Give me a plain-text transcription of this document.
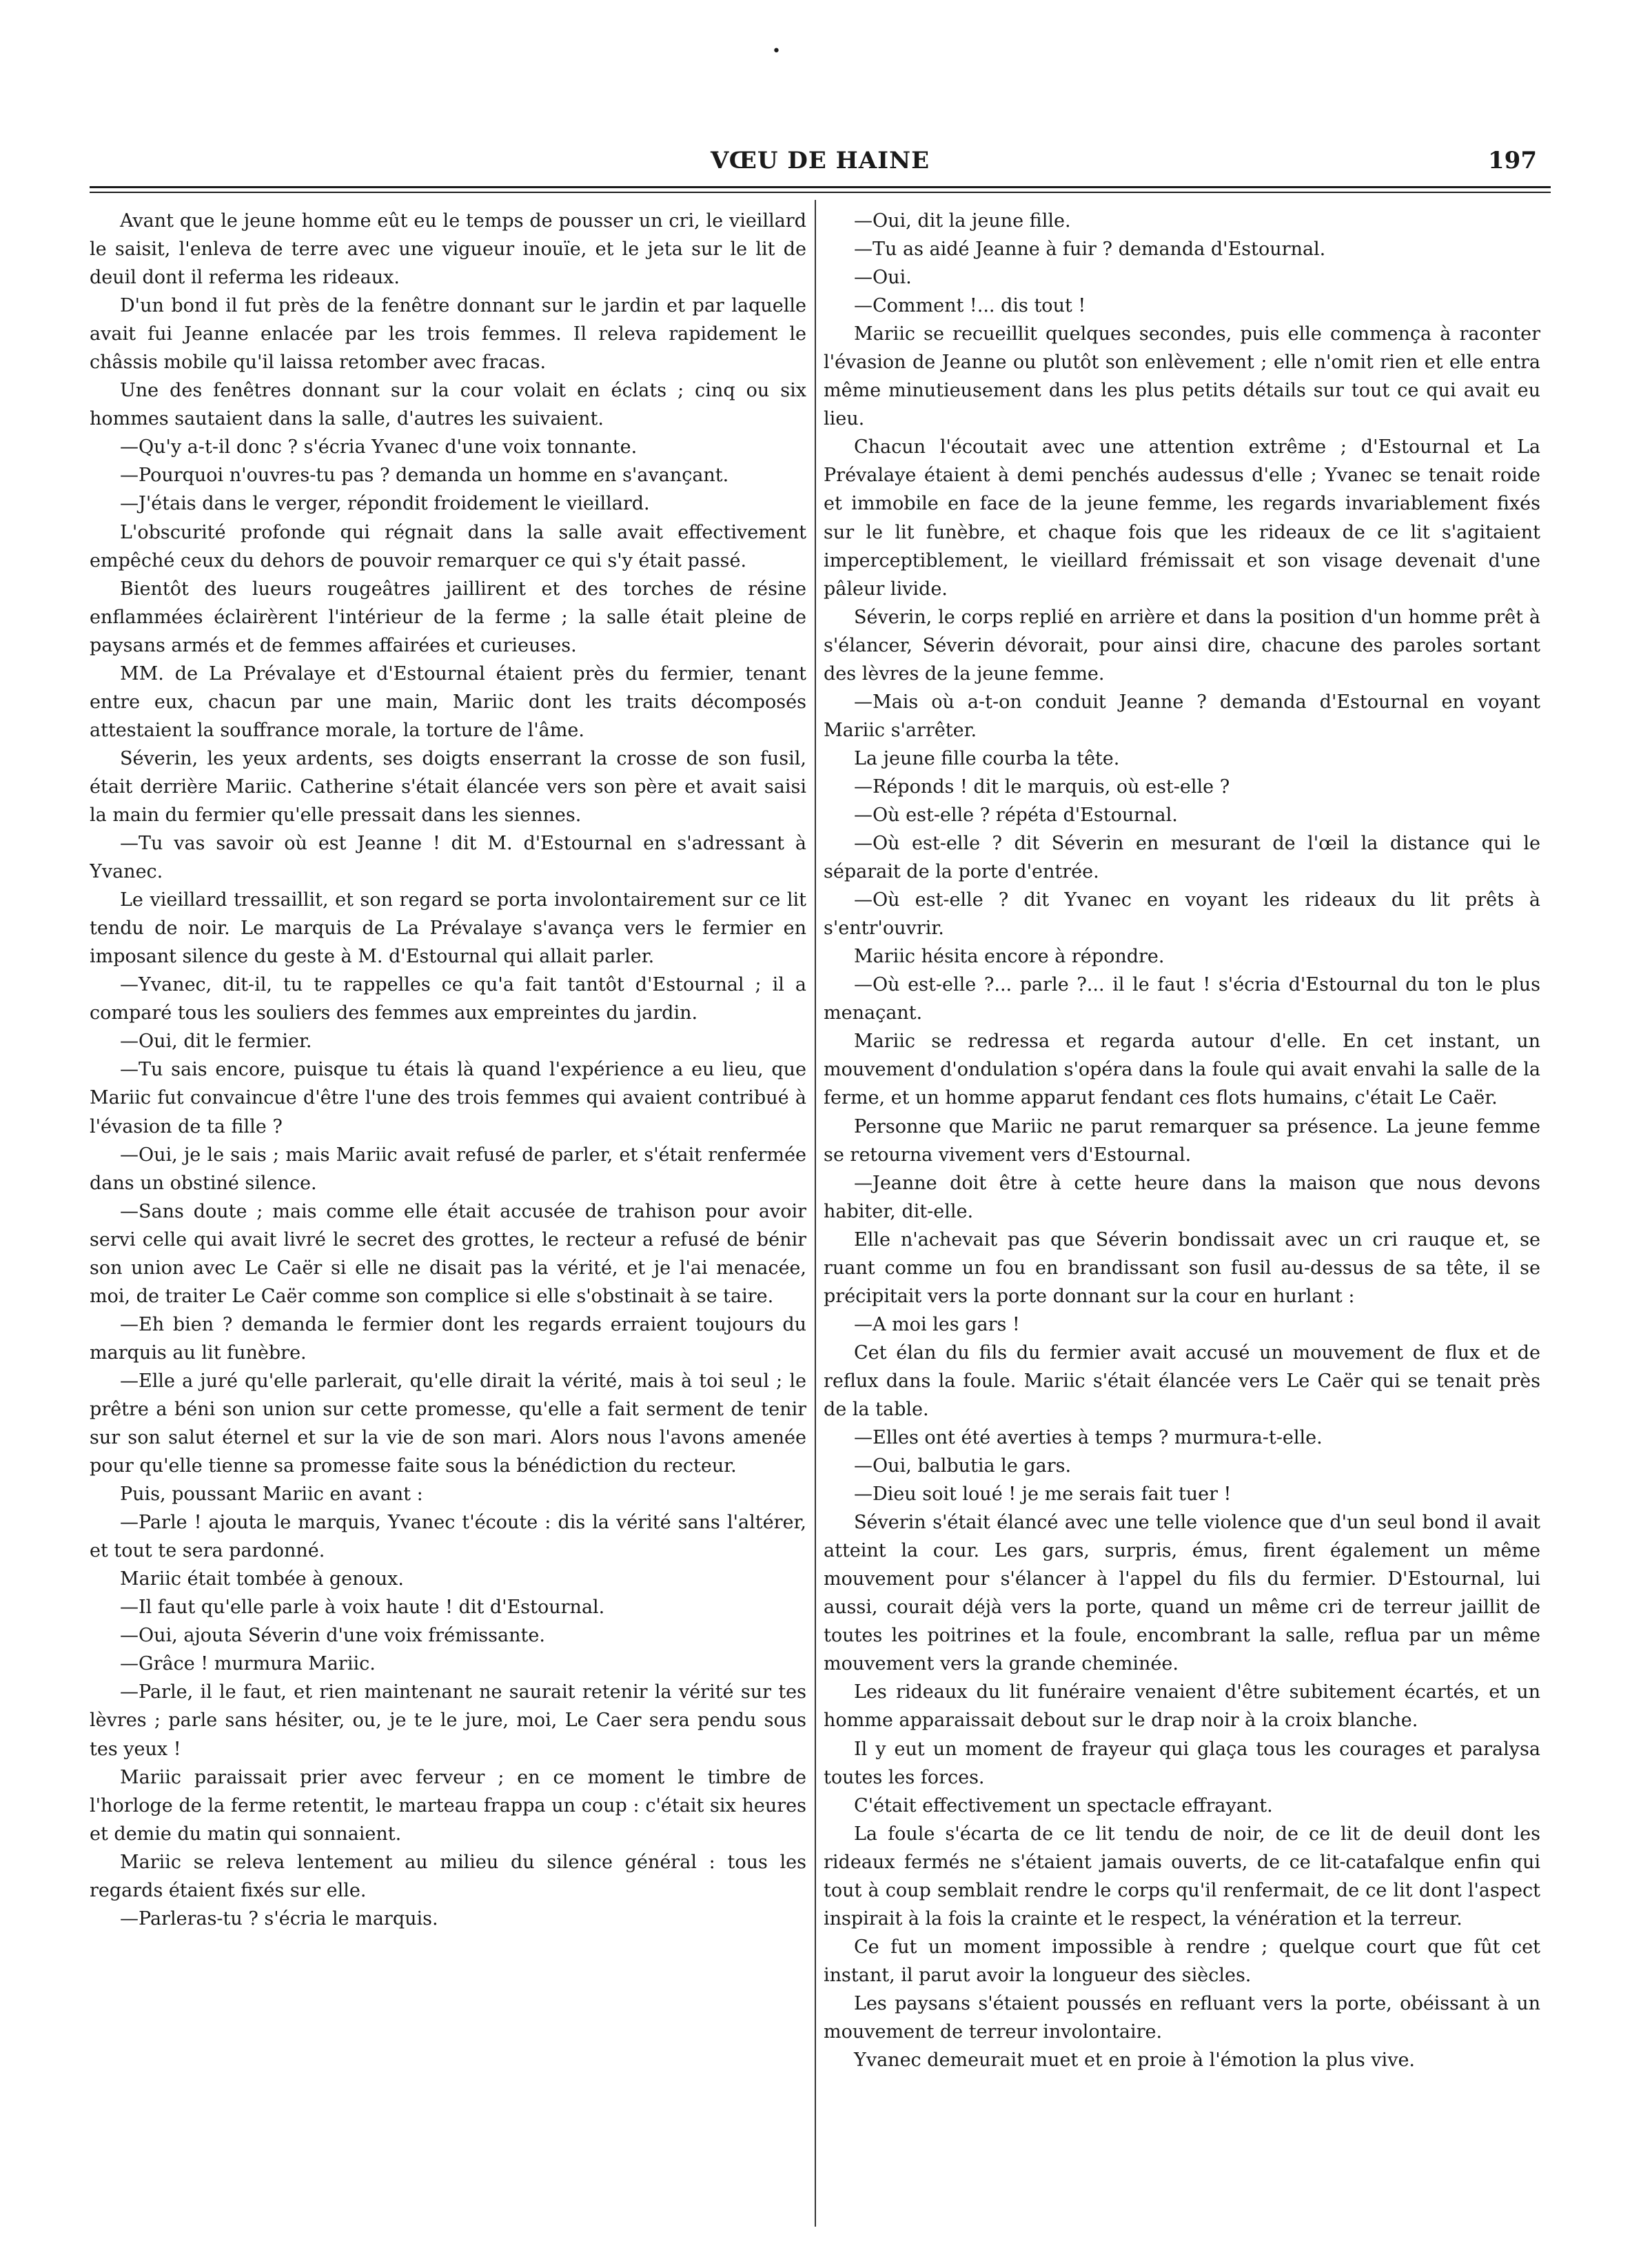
•
VŒU DE HAINE	197

Avant que le jeune homme eût eu le temps de pousser un cri, le vieillard le saisit, l'enleva de terre avec une vigueur inouïe, et le jeta sur le lit de deuil dont il referma les rideaux.

D'un bond il fut près de la fenêtre donnant sur le jardin et par laquelle avait fui Jeanne enlacée par les trois femmes. Il releva rapidement le châssis mobile qu'il laissa retomber avec fracas.

Une des fenêtres donnant sur la cour volait en éclats ; cinq ou six hommes sautaient dans la salle, d'autres les suivaient.

—Qu'y a-t-il donc ? s'écria Yvanec d'une voix tonnante.

—Pourquoi n'ouvres-tu pas ? demanda un homme en s'avançant.

—J'étais dans le verger, répondit froidement le vieillard.

L'obscurité profonde qui régnait dans la salle avait effectivement empêché ceux du dehors de pouvoir remarquer ce qui s'y était passé.

Bientôt des lueurs rougeâtres jaillirent et des torches de résine enflammées éclairèrent l'intérieur de la ferme ; la salle était pleine de paysans armés et de femmes affairées et curieuses.

MM. de La Prévalaye et d'Estournal étaient près du fermier, tenant entre eux, chacun par une main, Mariic dont les traits décomposés attestaient la souffrance morale, la torture de l'âme.

Séverin, les yeux ardents, ses doigts enserrant la crosse de son fusil, était derrière Mariic. Catherine s'était élancée vers son père et avait saisi la main du fermier qu'elle pressait dans les siennes.

—Tu vas savoir où est Jeanne ! dit M. d'Estournal en s'adressant à Yvanec.

Le vieillard tressaillit, et son regard se porta involontairement sur ce lit tendu de noir. Le marquis de La Prévalaye s'avança vers le fermier en imposant silence du geste à M. d'Estournal qui allait parler.

—Yvanec, dit-il, tu te rappelles ce qu'a fait tantôt d'Estournal ; il a comparé tous les souliers des femmes aux empreintes du jardin.

—Oui, dit le fermier.

—Tu sais encore, puisque tu étais là quand l'expérience a eu lieu, que Mariic fut convaincue d'être l'une des trois femmes qui avaient contribué à l'évasion de ta fille ?

—Oui, je le sais ; mais Mariic avait refusé de parler, et s'était renfermée dans un obstiné silence.

—Sans doute ; mais comme elle était accusée de trahison pour avoir servi celle qui avait livré le secret des grottes, le recteur a refusé de bénir son union avec Le Caër si elle ne disait pas la vérité, et je l'ai menacée, moi, de traiter Le Caër comme son complice si elle s'obstinait à se taire.

—Eh bien ? demanda le fermier dont les regards erraient toujours du marquis au lit funèbre.

—Elle a juré qu'elle parlerait, qu'elle dirait la vérité, mais à toi seul ; le prêtre a béni son union sur cette promesse, qu'elle a fait serment de tenir sur son salut éternel et sur la vie de son mari. Alors nous l'avons amenée pour qu'elle tienne sa promesse faite sous la bénédiction du recteur.

Puis, poussant Mariic en avant :

—Parle ! ajouta le marquis, Yvanec t'écoute : dis la vérité sans l'altérer, et tout te sera pardonné.

Mariic était tombée à genoux.

—Il faut qu'elle parle à voix haute ! dit d'Estournal.

—Oui, ajouta Séverin d'une voix frémissante.

—Grâce ! murmura Mariic.

—Parle, il le faut, et rien maintenant ne saurait retenir la vérité sur tes lèvres ; parle sans hésiter, ou, je te le jure, moi, Le Caer sera pendu sous tes yeux !

Mariic paraissait prier avec ferveur ; en ce moment le timbre de l'horloge de la ferme retentit, le marteau frappa un coup : c'était six heures et demie du matin qui sonnaient.

Mariic se releva lentement au milieu du silence général : tous les regards étaient fixés sur elle.

—Parleras-tu ? s'écria le marquis.

—Oui, dit la jeune fille.

—Tu as aidé Jeanne à fuir ? demanda d'Estournal.

—Oui.

—Comment !... dis tout !

Mariic se recueillit quelques secondes, puis elle commença à raconter l'évasion de Jeanne ou plutôt son enlèvement ; elle n'omit rien et elle entra même minutieusement dans les plus petits détails sur tout ce qui avait eu lieu.

Chacun l'écoutait avec une attention extrême ; d'Estournal et La Prévalaye étaient à demi penchés audessus d'elle ; Yvanec se tenait roide et immobile en face de la jeune femme, les regards invariablement fixés sur le lit funèbre, et chaque fois que les rideaux de ce lit s'agitaient imperceptiblement, le vieillard frémissait et son visage devenait d'une pâleur livide.

Séverin, le corps replié en arrière et dans la position d'un homme prêt à s'élancer, Séverin dévorait, pour ainsi dire, chacune des paroles sortant des lèvres de la jeune femme.

—Mais où a-t-on conduit Jeanne ? demanda d'Estournal en voyant Mariic s'arrêter.

La jeune fille courba la tête.

—Réponds ! dit le marquis, où est-elle ?

—Où est-elle ? répéta d'Estournal.

—Où est-elle ? dit Séverin en mesurant de l'œil la distance qui le séparait de la porte d'entrée.

—Où est-elle ? dit Yvanec en voyant les rideaux du lit prêts à s'entr'ouvrir.

Mariic hésita encore à répondre.

—Où est-elle ?... parle ?... il le faut ! s'écria d'Estournal du ton le plus menaçant.

Mariic se redressa et regarda autour d'elle. En cet instant, un mouvement d'ondulation s'opéra dans la foule qui avait envahi la salle de la ferme, et un homme apparut fendant ces flots humains, c'était Le Caër.

Personne que Mariic ne parut remarquer sa présence. La jeune femme se retourna vivement vers d'Estournal.

—Jeanne doit être à cette heure dans la maison que nous devons habiter, dit-elle.

Elle n'achevait pas que Séverin bondissait avec un cri rauque et, se ruant comme un fou en brandissant son fusil au-dessus de sa tête, il se précipitait vers la porte donnant sur la cour en hurlant :

—A moi les gars !

Cet élan du fils du fermier avait accusé un mouvement de flux et de reflux dans la foule. Mariic s'était élancée vers Le Caër qui se tenait près de la table.

—Elles ont été averties à temps ? murmura-t-elle.

—Oui, balbutia le gars.

—Dieu soit loué ! je me serais fait tuer !

Séverin s'était élancé avec une telle violence que d'un seul bond il avait atteint la cour. Les gars, surpris, émus, firent également un même mouvement pour s'élancer à l'appel du fils du fermier. D'Estournal, lui aussi, courait déjà vers la porte, quand un même cri de terreur jaillit de toutes les poitrines et la foule, encombrant la salle, reflua par un même mouvement vers la grande cheminée.

Les rideaux du lit funéraire venaient d'être subitement écartés, et un homme apparaissait debout sur le drap noir à la croix blanche.

Il y eut un moment de frayeur qui glaça tous les courages et paralysa toutes les forces.

C'était effectivement un spectacle effrayant.

La foule s'écarta de ce lit tendu de noir, de ce lit de deuil dont les rideaux fermés ne s'étaient jamais ouverts, de ce lit-catafalque enfin qui tout à coup semblait rendre le corps qu'il renfermait, de ce lit dont l'aspect inspirait à la fois la crainte et le respect, la vénération et la terreur.

Ce fut un moment impossible à rendre ; quelque court que fût cet instant, il parut avoir la longueur des siècles.

Les paysans s'étaient poussés en refluant vers la porte, obéissant à un mouvement de terreur involontaire.

Yvanec demeurait muet et en proie à l'émotion la plus vive.
